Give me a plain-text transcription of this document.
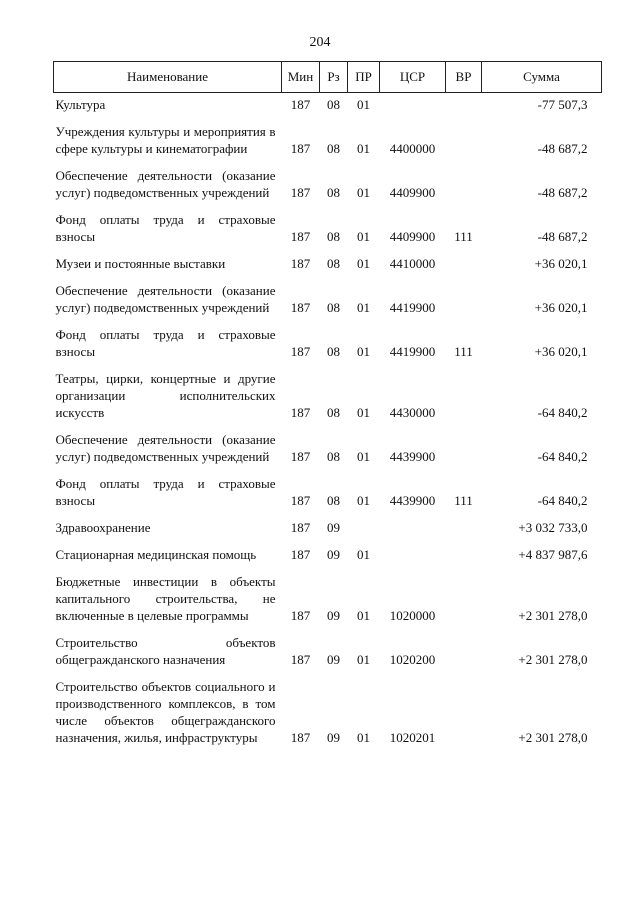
204
Наименование	Мин	Рз	ПР	ЦСР	ВР	Сумма
Культура	187	08	01			-77 507,3
Учреждения культуры и мероприятия в сфере культуры и кинематографии	187	08	01	4400000		-48 687,2
Обеспечение деятельности (оказание услуг) подведомственных учреждений	187	08	01	4409900		-48 687,2
Фонд оплаты труда и страховые взносы	187	08	01	4409900	111	-48 687,2
Музеи и постоянные выставки	187	08	01	4410000		+36 020,1
Обеспечение деятельности (оказание услуг) подведомственных учреждений	187	08	01	4419900		+36 020,1
Фонд оплаты труда и страховые взносы	187	08	01	4419900	111	+36 020,1
Театры, цирки, концертные и другие организации исполнительских искусств	187	08	01	4430000		-64 840,2
Обеспечение деятельности (оказание услуг) подведомственных учреждений	187	08	01	4439900		-64 840,2
Фонд оплаты труда и страховые взносы	187	08	01	4439900	111	-64 840,2
Здравоохранение	187	09				+3 032 733,0
Стационарная медицинская помощь	187	09	01			+4 837 987,6
Бюджетные инвестиции в объекты капитального строительства, не включенные в целевые программы	187	09	01	1020000		+2 301 278,0
Строительство объектов общегражданского назначения	187	09	01	1020200		+2 301 278,0
Строительство объектов социального и производственного комплексов, в том числе объектов общегражданского назначения, жилья, инфраструктуры	187	09	01	1020201		+2 301 278,0
